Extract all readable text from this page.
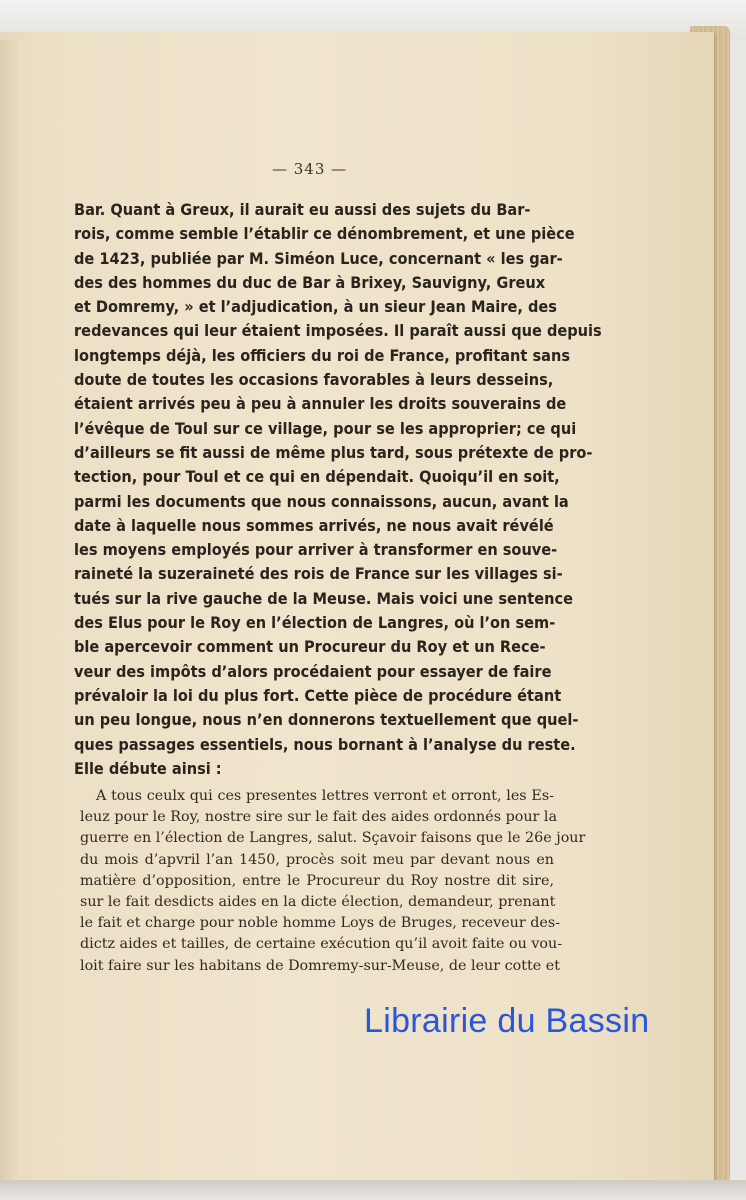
— 343 —
Bar. Quant à Greux, il aurait eu aussi des sujets du Bar-
rois, comme semble l’établir ce dénombrement, et une pièce
de 1423, publiée par M. Siméon Luce, concernant « les gar-
des des hommes du duc de Bar à Brixey, Sauvigny, Greux
et Domremy, » et l’adjudication, à un sieur Jean Maire, des
redevances qui leur étaient imposées. Il paraît aussi que depuis
longtemps déjà, les officiers du roi de France, profitant sans
doute de toutes les occasions favorables à leurs desseins,
étaient arrivés peu à peu à annuler les droits souverains de
l’évêque de Toul sur ce village, pour se les approprier; ce qui
d’ailleurs se fit aussi de même plus tard, sous prétexte de pro-
tection, pour Toul et ce qui en dépendait. Quoiqu’il en soit,
parmi les documents que nous connaissons, aucun, avant la
date à laquelle nous sommes arrivés, ne nous avait révélé
les moyens employés pour arriver à transformer en souve-
raineté la suzeraineté des rois de France sur les villages si-
tués sur la rive gauche de la Meuse. Mais voici une sentence
des Elus pour le Roy en l’élection de Langres, où l’on sem-
ble apercevoir comment un Procureur du Roy et un Rece-
veur des impôts d’alors procédaient pour essayer de faire
prévaloir la loi du plus fort. Cette pièce de procédure étant
un peu longue, nous n’en donnerons textuellement que quel-
ques passages essentiels, nous bornant à l’analyse du reste.
Elle débute ainsi :
A tous ceulx qui ces presentes lettres verront et orront, les Es-
leuz pour le Roy, nostre sire sur le fait des aides ordonnés pour la
guerre en l’élection de Langres, salut. Sçavoir faisons que le 26e jour
du mois d’apvril l’an 1450, procès soit meu par devant nous en
matière d’opposition, entre le Procureur du Roy nostre dit sire,
sur le fait desdicts aides en la dicte élection, demandeur, prenant
le fait et charge pour noble homme Loys de Bruges, receveur des-
dictz aides et tailles, de certaine exécution qu’il avoit faite ou vou-
loit faire sur les habitans de Domremy-sur-Meuse, de leur cotte et
Librairie du Bassin
